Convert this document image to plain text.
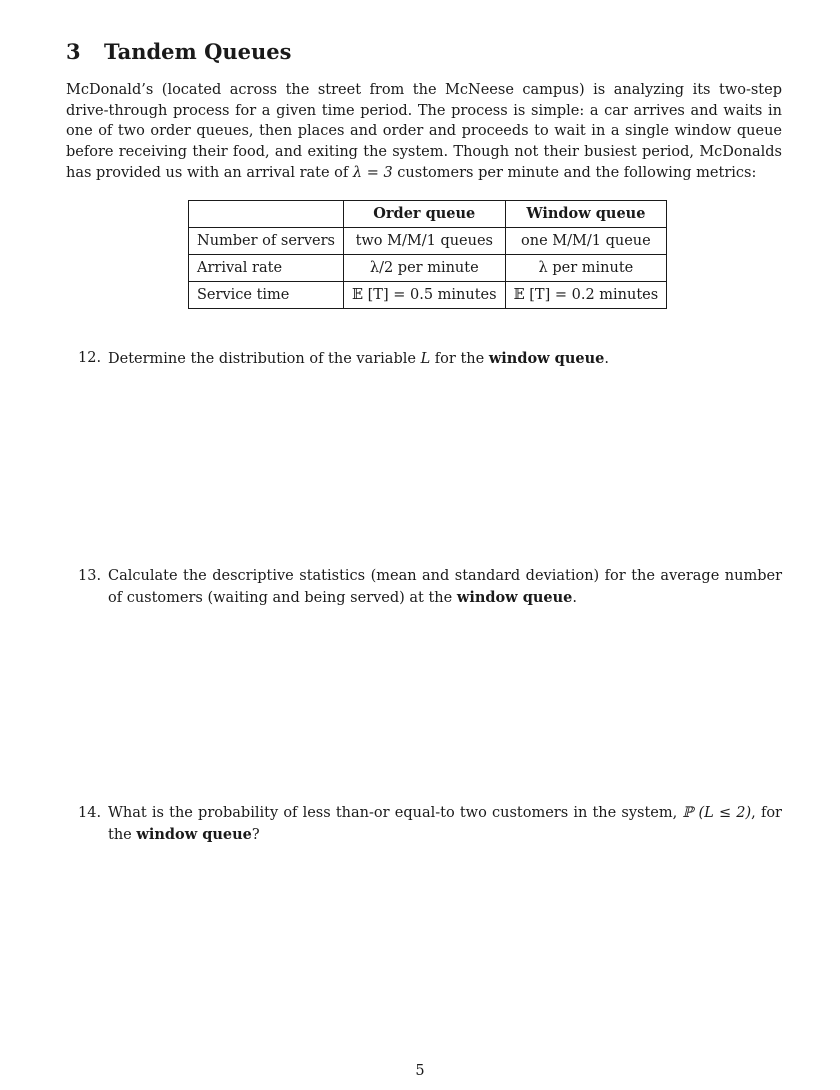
3 Tandem Queues

McDonald’s (located across the street from the McNeese campus) is analyzing its two-step drive-through process for a given time period. The process is simple: a car arrives and waits in one of two order queues, then places and order and proceeds to wait in a single window queue before receiving their food, and exiting the system. Though not their busiest period, McDonalds has provided us with an arrival rate of λ = 3 customers per minute and the following metrics:

	Order queue	Window queue
Number of servers	two M/M/1 queues	one M/M/1 queue
Arrival rate	λ/2 per minute	λ per minute
Service time	𝔼 [T] = 0.5 minutes	𝔼 [T] = 0.2 minutes
12. Determine the distribution of the variable L for the window queue.
13. Calculate the descriptive statistics (mean and standard deviation) for the average number of customers (waiting and being served) at the window queue.
14. What is the probability of less than-or equal-to two customers in the system, ℙ (L ≤ 2), for the window queue?
5
